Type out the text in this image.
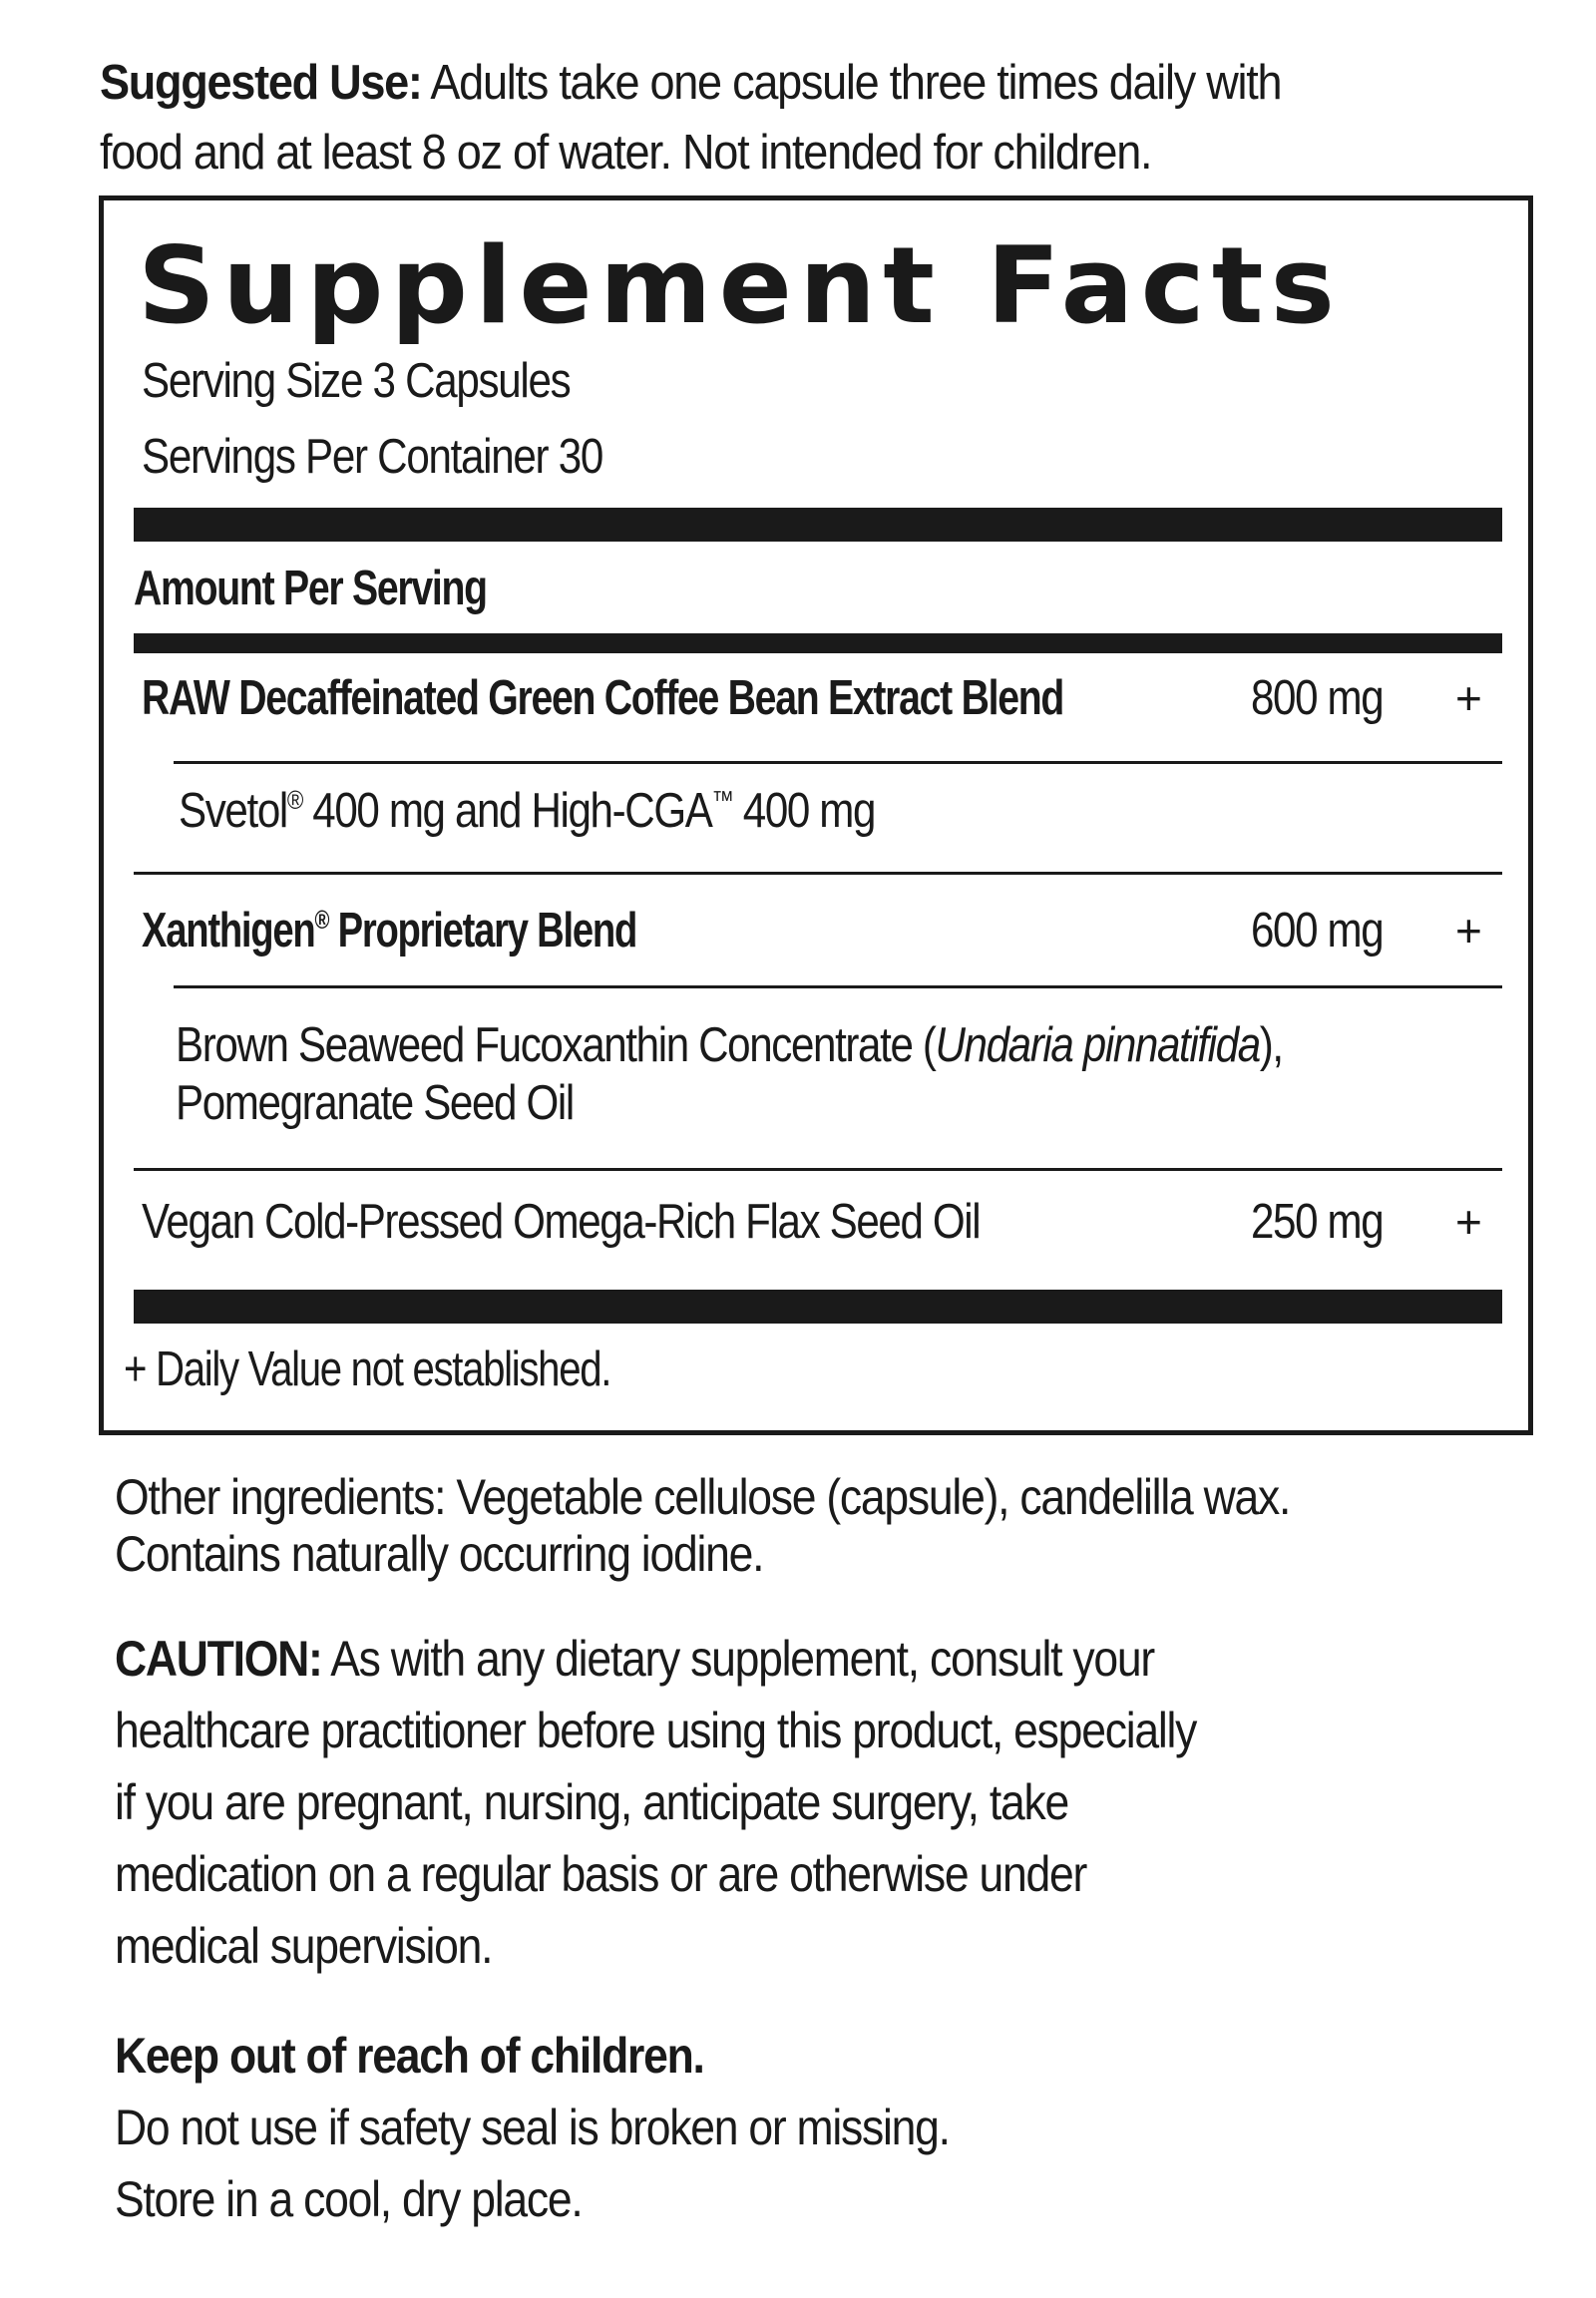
Suggested Use: Adults take one capsule three times daily with
food and at least 8 oz of water. Not intended for children.
Supplement Facts
Serving Size 3 Capsules
Servings Per Container 30
Amount Per Serving
RAW Decaffeinated Green Coffee Bean Extract Blend	800 mg +
Svetol® 400 mg and High-CGA™ 400 mg
Xanthigen® Proprietary Blend	600 mg +
Brown Seaweed Fucoxanthin Concentrate (Undaria pinnatifida),
Pomegranate Seed Oil
Vegan Cold-Pressed Omega-Rich Flax Seed Oil	250 mg +
+ Daily Value not established.
Other ingredients: Vegetable cellulose (capsule), candelilla wax.
Contains naturally occurring iodine.
CAUTION: As with any dietary supplement, consult your
healthcare practitioner before using this product, especially
if you are pregnant, nursing, anticipate surgery, take
medication on a regular basis or are otherwise under
medical supervision.
Keep out of reach of children.
Do not use if safety seal is broken or missing.
Store in a cool, dry place.
